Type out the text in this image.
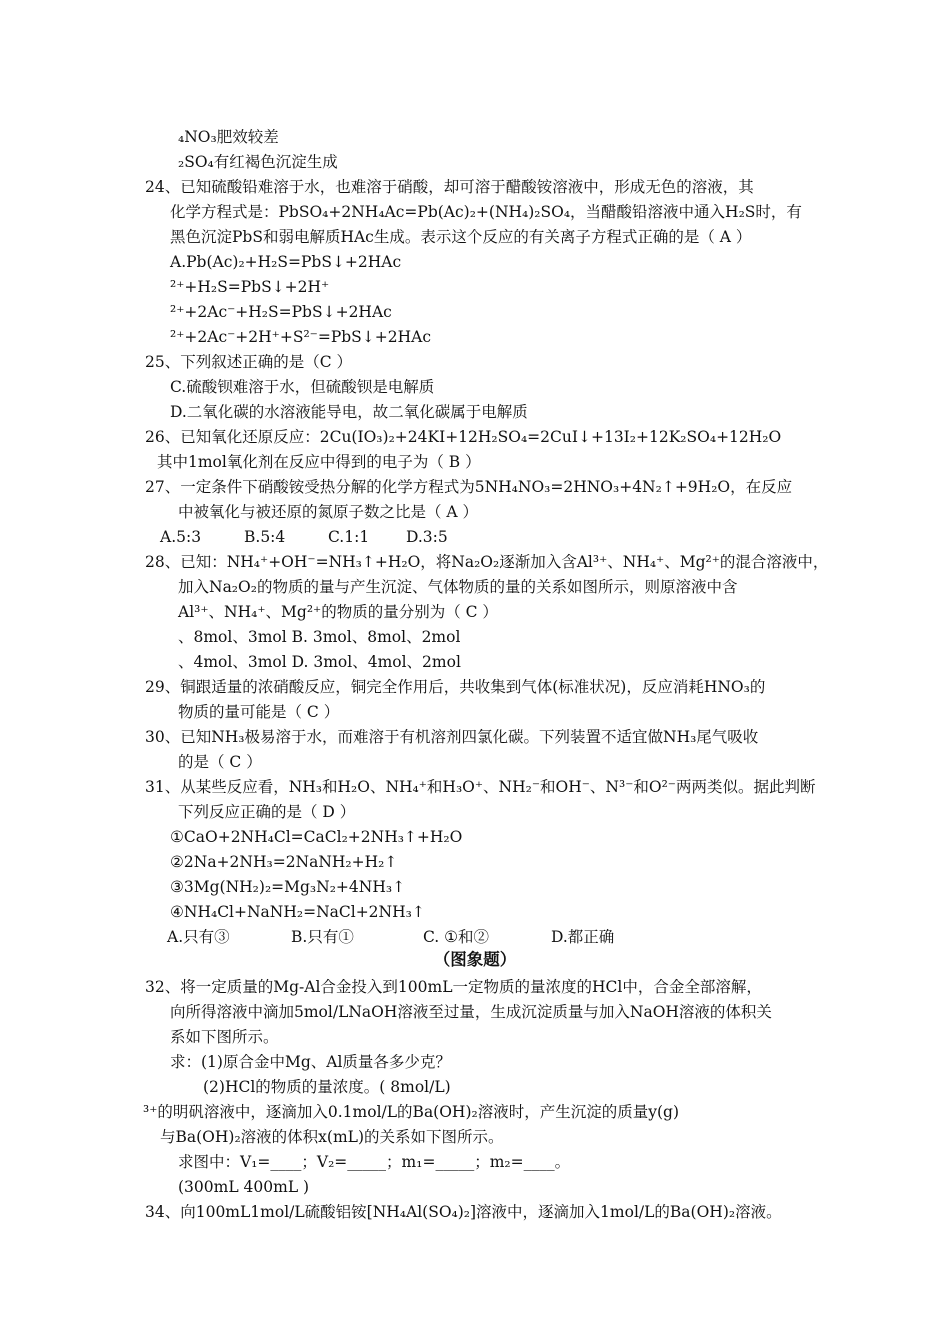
₄NO₃肥效较差
₂SO₄有红褐色沉淀生成
24、已知硫酸铅难溶于水，也难溶于硝酸，却可溶于醋酸铵溶液中，形成无色的溶液，其
化学方程式是：PbSO₄+2NH₄Ac=Pb(Ac)₂+(NH₄)₂SO₄，当醋酸铅溶液中通入H₂S时，有
黑色沉淀PbS和弱电解质HAc生成。表示这个反应的有关离子方程式正确的是（ A ）
A.Pb(Ac)₂+H₂S=PbS↓+2HAc
²⁺+H₂S=PbS↓+2H⁺
²⁺+2Ac⁻+H₂S=PbS↓+2HAc
²⁺+2Ac⁻+2H⁺+S²⁻=PbS↓+2HAc
25、下列叙述正确的是（C ）
C.硫酸钡难溶于水，但硫酸钡是电解质
D.二氧化碳的水溶液能导电，故二氧化碳属于电解质
26、已知氧化还原反应：2Cu(IO₃)₂+24KI+12H₂SO₄=2CuI↓+13I₂+12K₂SO₄+12H₂O
其中1mol氧化剂在反应中得到的电子为（ B ）
27、一定条件下硝酸铵受热分解的化学方程式为5NH₄NO₃=2HNO₃+4N₂↑+9H₂O，在反应
中被氧化与被还原的氮原子数之比是（ A ）
A.5:3	B.5:4	C.1:1 D.3:5
28、已知：NH₄⁺+OH⁻=NH₃↑+H₂O，将Na₂O₂逐渐加入含Al³⁺、NH₄⁺、Mg²⁺的混合溶液中，
加入Na₂O₂的物质的量与产生沉淀、气体物质的量的关系如图所示，则原溶液中含
Al³⁺、NH₄⁺、Mg²⁺的物质的量分别为（ C ）
、8mol、3mol B. 3mol、8mol、2mol
、4mol、3mol D. 3mol、4mol、2mol
29、铜跟适量的浓硝酸反应，铜完全作用后，共收集到气体(标准状况)，反应消耗HNO₃的
物质的量可能是（ C ）
30、已知NH₃极易溶于水，而难溶于有机溶剂四氯化碳。下列装置不适宜做NH₃尾气吸收
的是（ C ）
31、从某些反应看，NH₃和H₂O、NH₄⁺和H₃O⁺、NH₂⁻和OH⁻、N³⁻和O²⁻两两类似。据此判断
下列反应正确的是（ D ）
①CaO+2NH₄Cl=CaCl₂+2NH₃↑+H₂O
②2Na+2NH₃=2NaNH₂+H₂↑
③3Mg(NH₂)₂=Mg₃N₂+4NH₃↑
④NH₄Cl+NaNH₂=NaCl+2NH₃↑
A.只有③	B.只有①	C. ①和②	D.都正确
（图象题）
32、将一定质量的Mg-Al合金投入到100mL一定物质的量浓度的HCl中，合金全部溶解，
向所得溶液中滴加5mol/LNaOH溶液至过量，生成沉淀质量与加入NaOH溶液的体积关
系如下图所示。
求：(1)原合金中Mg、Al质量各多少克？
(2)HCl的物质的量浓度。( 8mol/L)
³⁺的明矾溶液中，逐滴加入0.1mol/L的Ba(OH)₂溶液时，产生沉淀的质量y(g)
与Ba(OH)₂溶液的体积x(mL)的关系如下图所示。
求图中：V₁=____；V₂=_____；m₁=_____；m₂=____。
(300mL 400mL )
34、向100mL1mol/L硫酸铝铵[NH₄Al(SO₄)₂]溶液中，逐滴加入1mol/L的Ba(OH)₂溶液。
